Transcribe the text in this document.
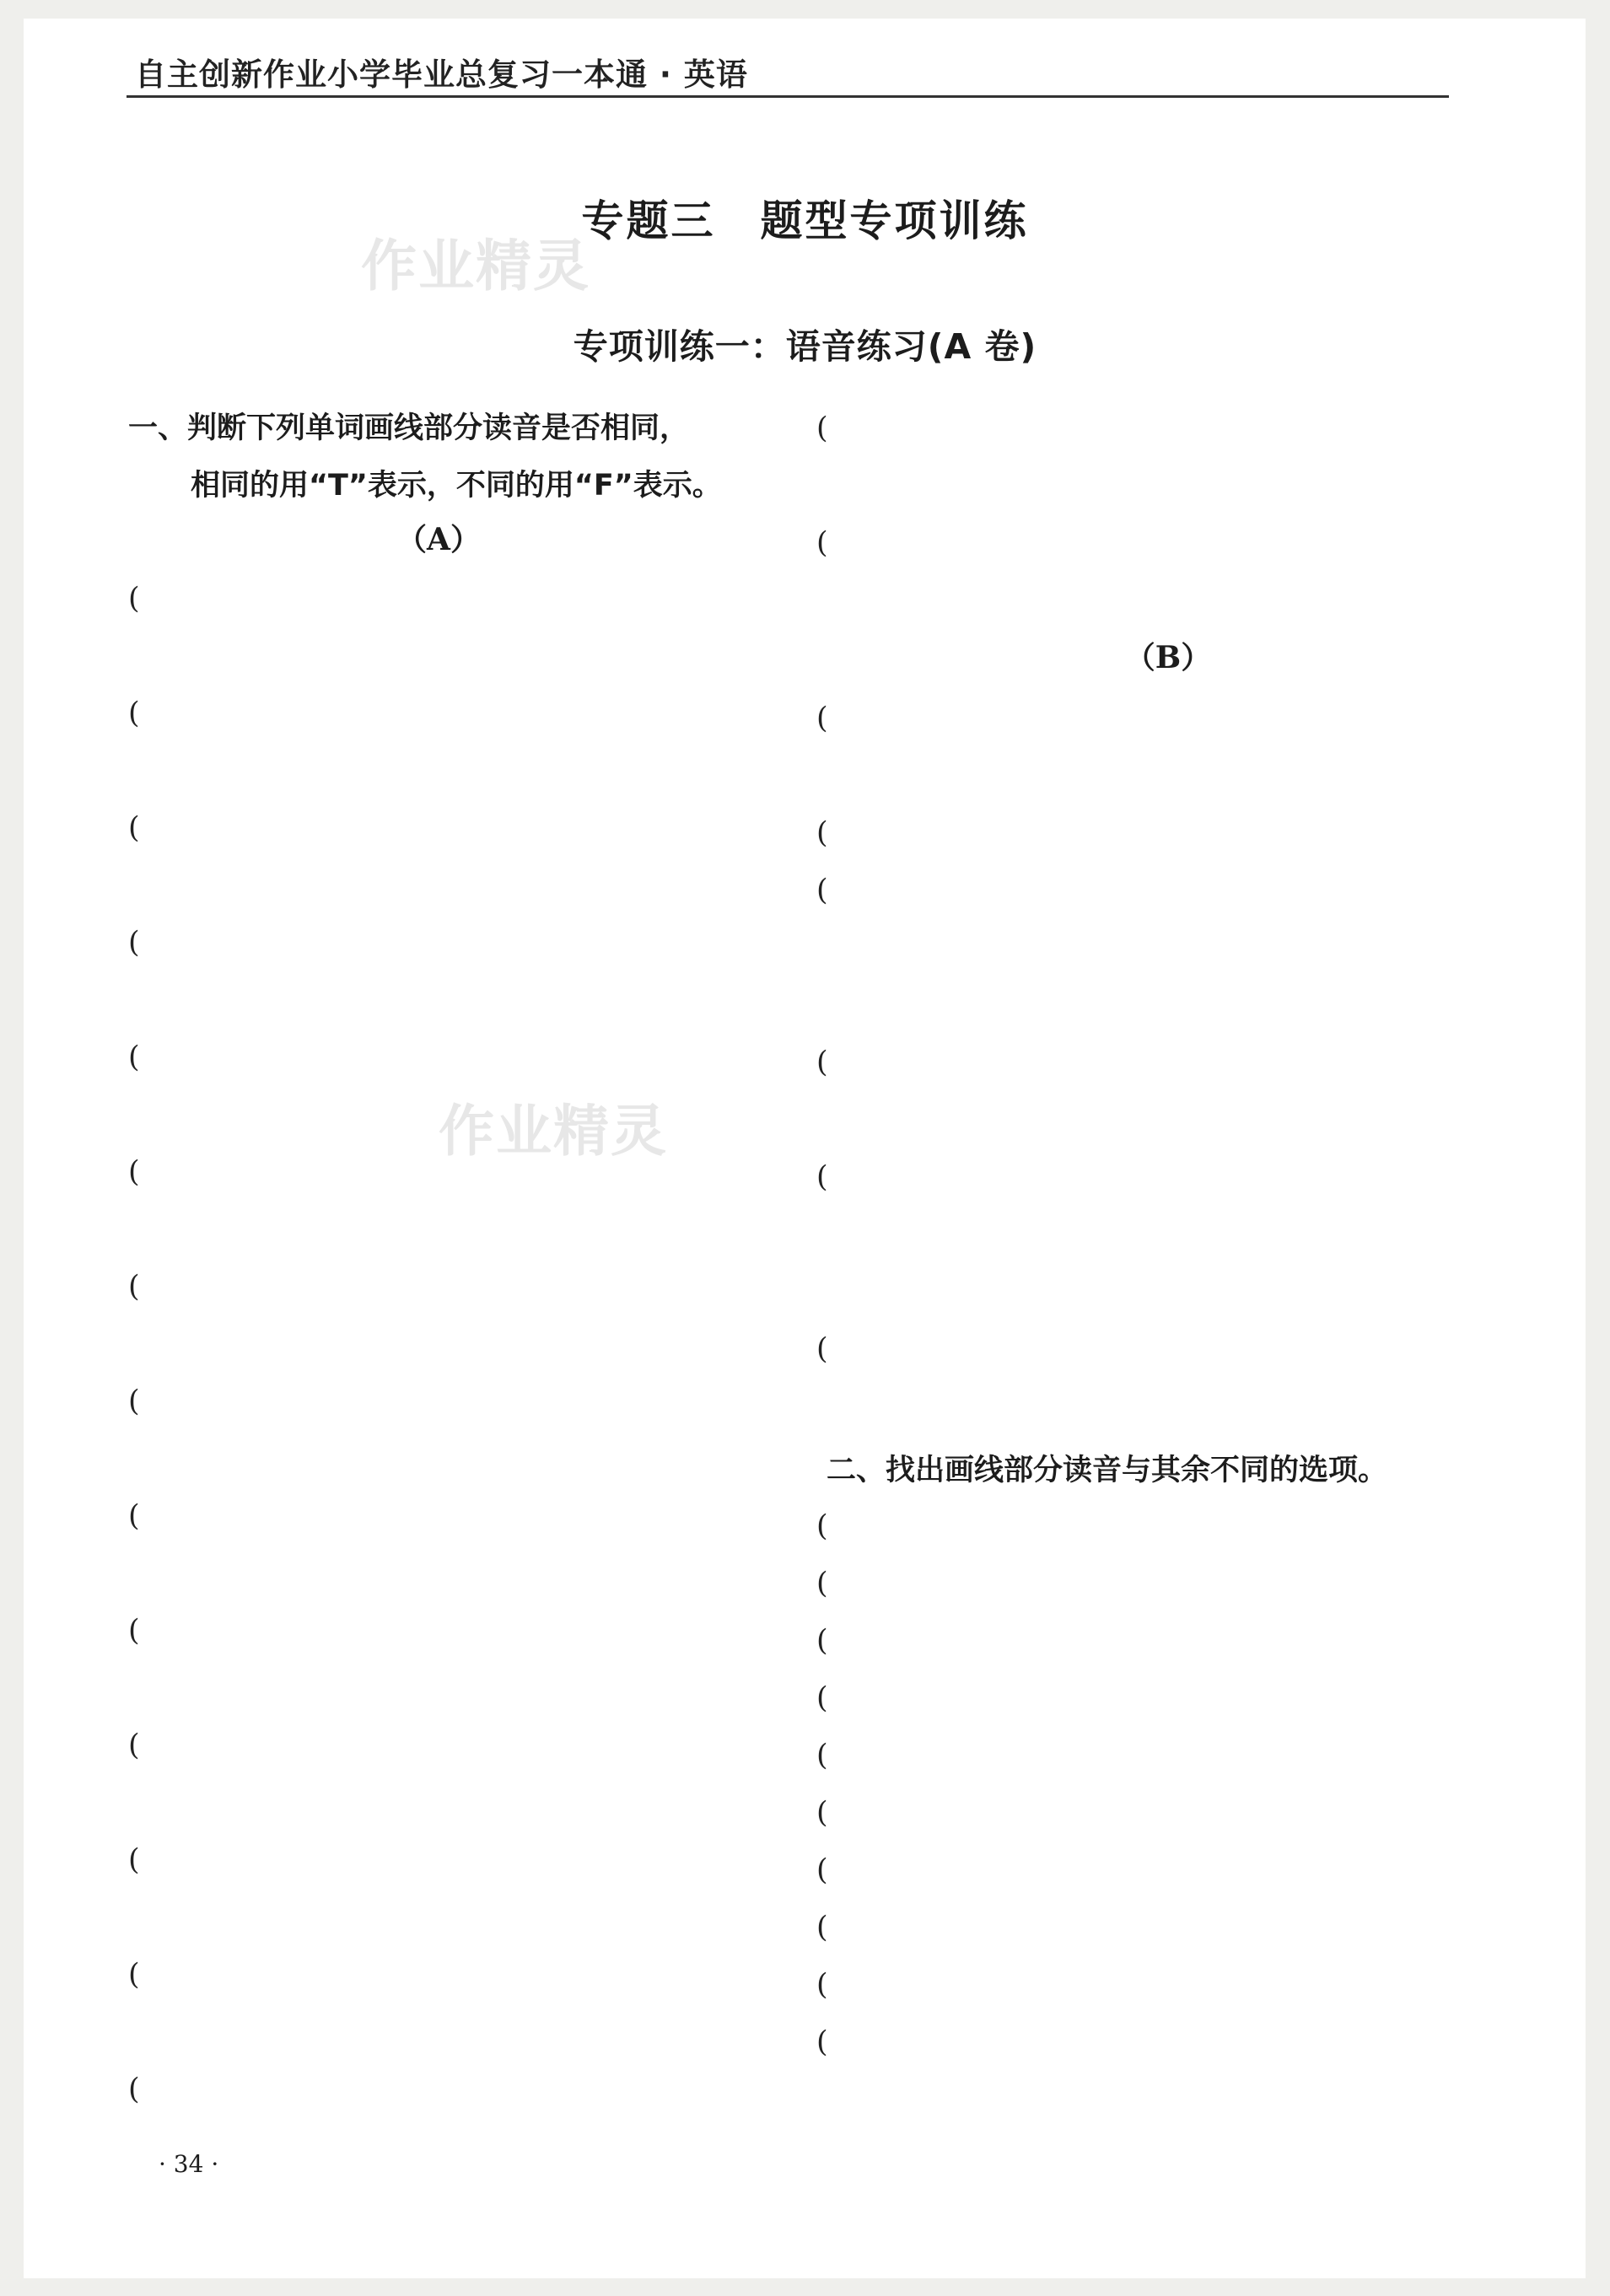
自主创新作业小学毕业总复习一本通 · 英语
作业精灵
作业精灵
专题三　题型专项训练
专项训练一：语音练习(A 卷)
一、判断下列单词画线部分读音是否相同，
相同的用“T”表示，不同的用“F”表示。
（A）
(
(
(
(
(
(
(
(
(
(
(
(
(
(
(
(
(
(
(
(
(
(
(
(
(
(
(
(
(
(
(
(
（B）
二、找出画线部分读音与其余不同的选项。
· 34 ·
